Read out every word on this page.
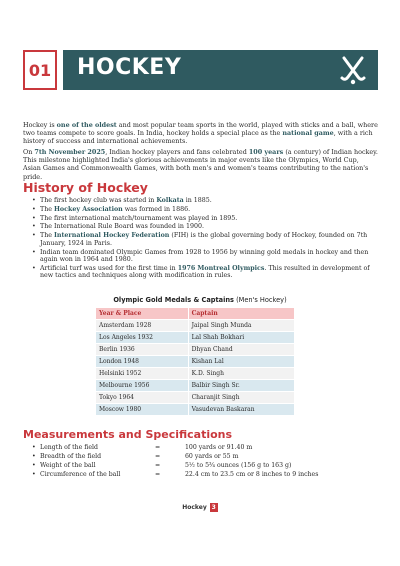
01 HOCKEY
Hockey is one of the oldest and most popular team sports in the world, played with sticks and a ball, where two teams compete to score goals. In India, hockey holds a special place as the national game, with a rich history of success and international achievements.
On 7th November 2025, Indian hockey players and fans celebrated 100 years (a century) of Indian hockey. This milestone highlighted India's glorious achievements in major events like the Olympics, World Cup, Asian Games and Commonwealth Games, with both men's and women's teams contributing to the nation's pride.
History of Hockey
• The first hockey club was started in Kolkata in 1885.
• The Hockey Association was formed in 1886.
• The first international match/tournament was played in 1895.
• The International Rule Board was founded in 1900.
• The International Hockey Federation (FIH) is the global governing body of Hockey, founded on 7th January, 1924 in Paris.
• Indian team dominated Olympic Games from 1928 to 1956 by winning gold medals in hockey and then again won in 1964 and 1980.
• Artificial turf was used for the first time in 1976 Montreal Olympics. This resulted in development of new tactics and techniques along with modification in rules.
Olympic Gold Medals & Captains (Men's Hockey)
Year & Place	Captain
Amsterdam 1928	Jaipal Singh Munda
Los Angeles 1932	Lal Shah Bokhari
Berlin 1936	Dhyan Chand
London 1948	Kishan Lal
Helsinki 1952	K.D. Singh
Melbourne 1956	Balbir Singh Sr.
Tokyo 1964	Charanjit Singh
Moscow 1980	Vasudevan Baskaran
Measurements and Specifications
• Length of the field	=	100 yards or 91.40 m

• Breadth of the field	=	60 yards or 55 m

• Weight of the ball	=	5½ to 5¾ ounces (156 g to 163 g)

• Circumference of the ball	=	22.4 cm to 23.5 cm or 8 inches to 9 inches
Hockey 3
